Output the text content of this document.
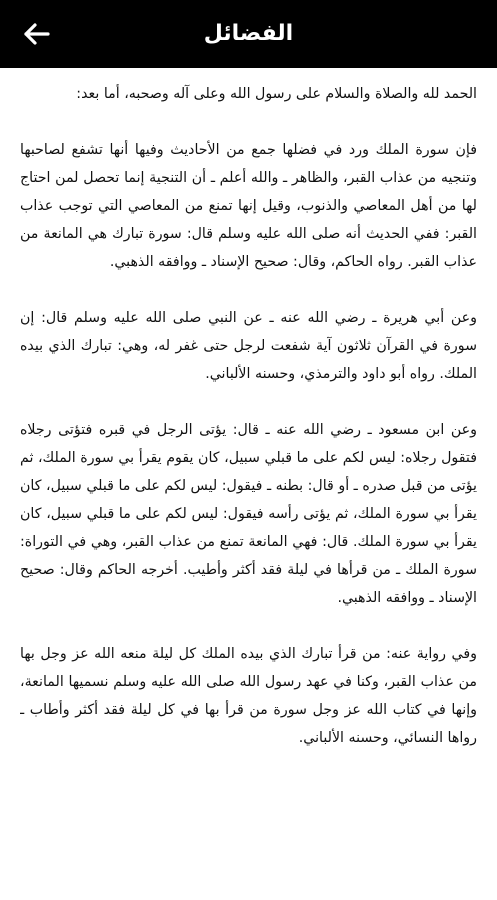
الفضائل

الحمد لله والصلاة والسلام على رسول الله وعلى آله وصحبه، أما بعد:

فإن سورة الملك ورد في فضلها جمع من الأحاديث وفيها أنها تشفع لصاحبها وتنجيه من عذاب القبر، والظاهر ـ والله أعلم ـ أن التنجية إنما تحصل لمن احتاج لها من أهل المعاصي والذنوب، وقيل إنها تمنع من المعاصي التي توجب عذاب القبر: ففي الحديث أنه صلى الله عليه وسلم قال: سورة تبارك هي المانعة من عذاب القبر. رواه الحاكم، وقال: صحيح الإسناد ـ ووافقه الذهبي.

وعن أبي هريرة ـ رضي الله عنه ـ عن النبي صلى الله عليه وسلم قال: إن سورة في القرآن ثلاثون آية شفعت لرجل حتى غفر له، وهي: تبارك الذي بيده الملك. رواه أبو داود والترمذي، وحسنه الألباني.

وعن ابن مسعود ـ رضي الله عنه ـ قال: يؤتى الرجل في قبره فتؤتى رجلاه فتقول رجلاه: ليس لكم على ما قبلي سبيل، كان يقوم يقرأ بي سورة الملك، ثم يؤتى من قبل صدره ـ أو قال: بطنه ـ فيقول: ليس لكم على ما قبلي سبيل، كان يقرأ بي سورة الملك، ثم يؤتى رأسه فيقول: ليس لكم على ما قبلي سبيل، كان يقرأ بي سورة الملك. قال: فهي المانعة تمنع من عذاب القبر، وهي في التوراة: سورة الملك ـ من قرأها في ليلة فقد أكثر وأطيب. أخرجه الحاكم وقال: صحيح الإسناد ـ ووافقه الذهبي.

وفي رواية عنه: من قرأ تبارك الذي بيده الملك كل ليلة منعه الله عز وجل بها من عذاب القبر، وكنا في عهد رسول الله صلى الله عليه وسلم نسميها المانعة، وإنها في كتاب الله عز وجل سورة من قرأ بها في كل ليلة فقد أكثر وأطاب ـ رواها النسائي، وحسنه الألباني.
